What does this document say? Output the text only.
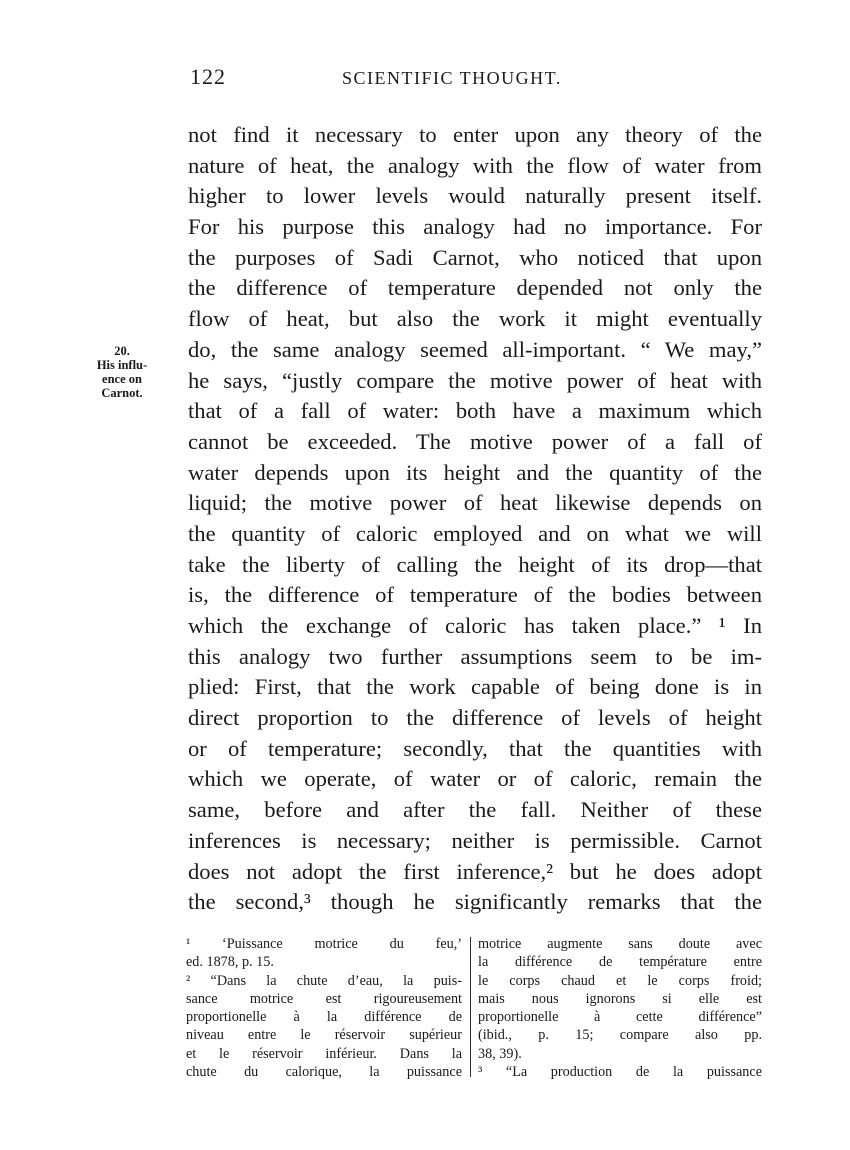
122	SCIENTIFIC THOUGHT.
20.
His influ-
ence on
Carnot.
not find it necessary to enter upon any theory of the
nature of heat, the analogy with the flow of water from
higher to lower levels would naturally present itself.
For his purpose this analogy had no importance. For
the purposes of Sadi Carnot, who noticed that upon
the difference of temperature depended not only the
flow of heat, but also the work it might eventually
do, the same analogy seemed all-important. “ We may,”
he says, “justly compare the motive power of heat with
that of a fall of water: both have a maximum which
cannot be exceeded. The motive power of a fall of
water depends upon its height and the quantity of the
liquid; the motive power of heat likewise depends on
the quantity of caloric employed and on what we will
take the liberty of calling the height of its drop—that
is, the difference of temperature of the bodies between
which the exchange of caloric has taken place.” ¹ In
this analogy two further assumptions seem to be im-
plied: First, that the work capable of being done is in
direct proportion to the difference of levels of height
or of temperature; secondly, that the quantities with
which we operate, of water or of caloric, remain the
same, before and after the fall. Neither of these
inferences is necessary; neither is permissible. Carnot
does not adopt the first inference,² but he does adopt
the second,³ though he significantly remarks that the
¹ ‘Puissance motrice du feu,’
ed. 1878, p. 15.
² “Dans la chute d’eau, la puis-
sance motrice est rigoureusement
proportionelle à la différence de
niveau entre le réservoir supérieur
et le réservoir inférieur. Dans la
chute du calorique, la puissance
motrice augmente sans doute avec
la différence de température entre
le corps chaud et le corps froid;
mais nous ignorons si elle est
proportionelle à cette différence”
(ibid., p. 15; compare also pp.
38, 39).
³ “La production de la puissance
